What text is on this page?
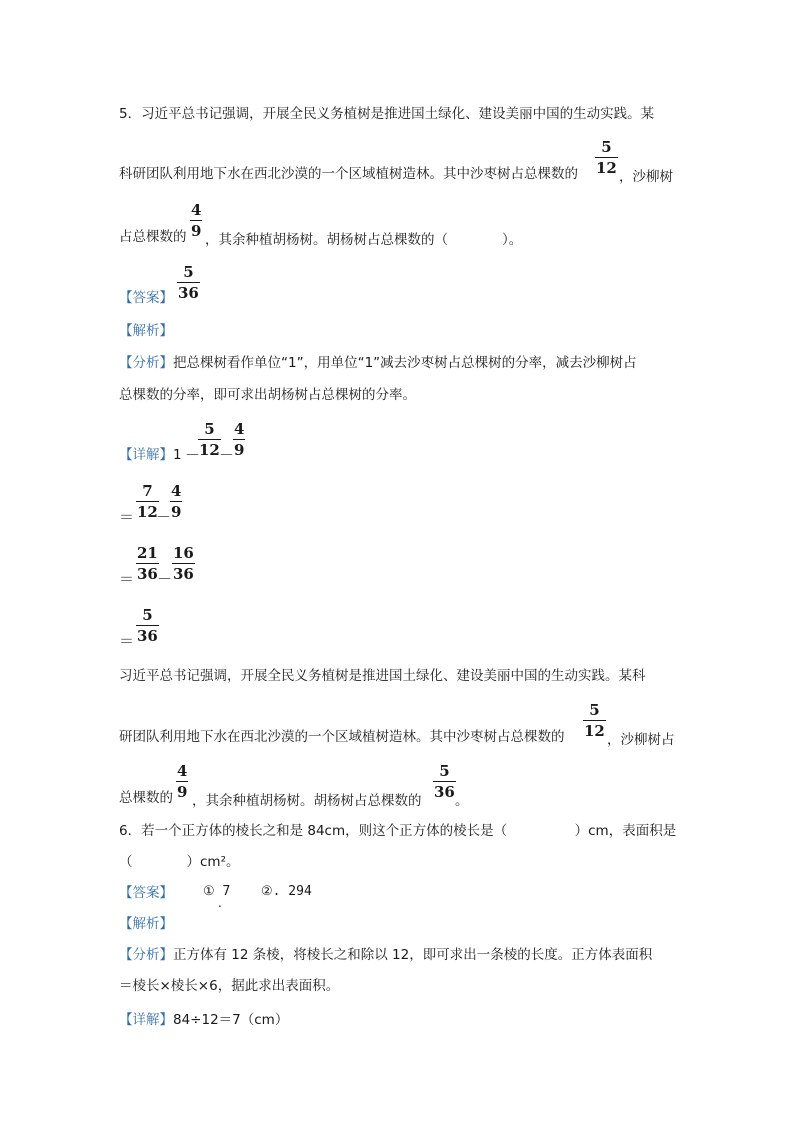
5．习近平总书记强调，开展全民义务植树是推进国土绿化、建设美丽中国的生动实践。某
科研团队利用地下水在西北沙漠的一个区域植树造林。其中沙枣树占总棵数的
5
12 ，沙柳树
占总棵数的
4
9 ，其余种植胡杨树。胡杨树占总棵数的（　　　　）。
【答案】
5
36
【解析】
【分析】把总棵树看作单位“1”，用单位“1”减去沙枣树占总棵树的分率，减去沙柳树占
总棵数的分率，即可求出胡杨树占总棵树的分率。
【详解】1 －
5
12 －
4
9
＝
7
12
－
4
9
＝
21
36 －
16
36
＝
5
36
习近平总书记强调，开展全民义务植树是推进国土绿化、建设美丽中国的生动实践。某科
研团队利用地下水在西北沙漠的一个区域植树造林。其中沙枣树占总棵数的
5
12 ，沙柳树占
总棵数的
4
9 ，其余种植胡杨树。胡杨树占总棵数的
5
36 。
6．若一个正方体的棱长之和是 84cm，则这个正方体的棱长是（　　　　　）cm，表面积是
（　　　　）cm²。
【答案】 ① 7
.
②. 294
【解析】
【分析】正方体有 12 条棱，将棱长之和除以 12，即可求出一条棱的长度。正方体表面积
＝棱长×棱长×6，据此求出表面积。
【详解】84÷12＝7（cm）
